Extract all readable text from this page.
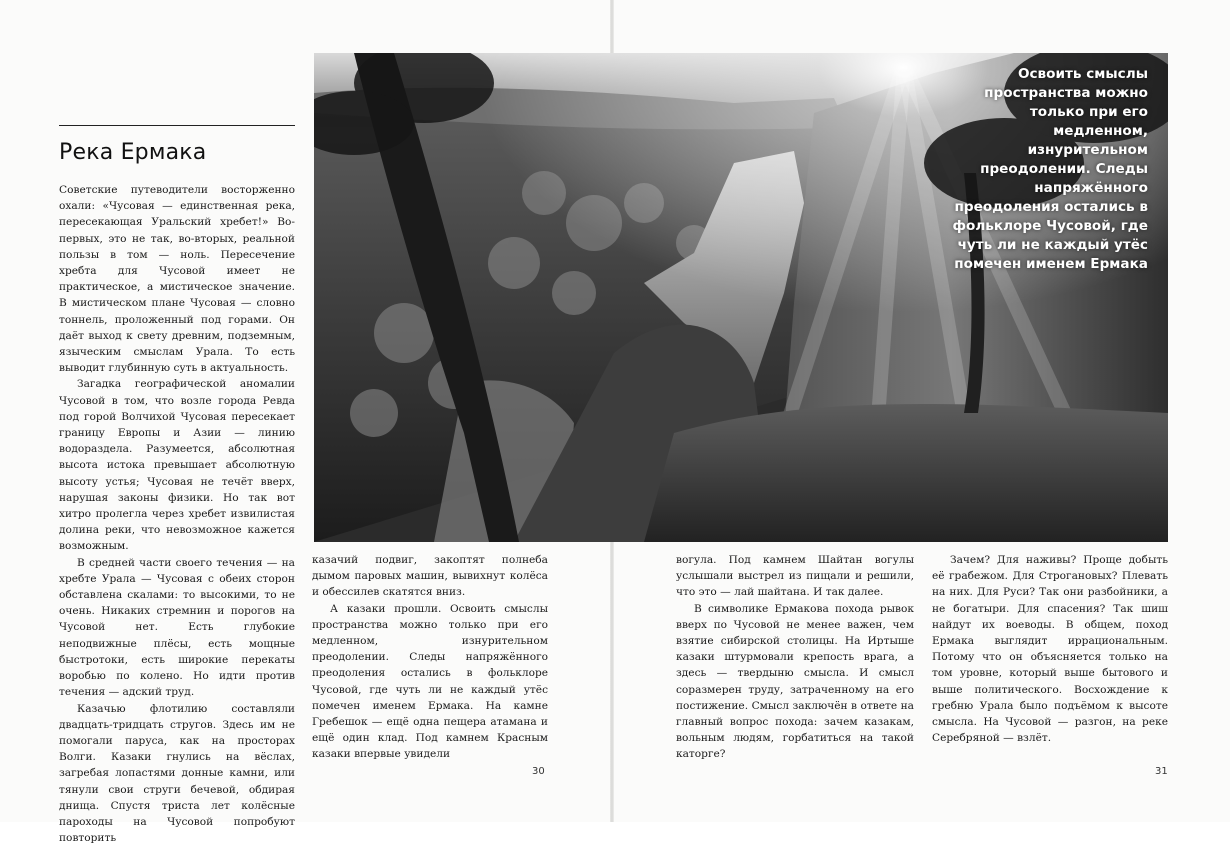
Река Ермака

Советские путеводители восторженно охали: «Чусовая — единственная река, пересекающая Уральский хребет!» Во-первых, это не так, во-вторых, реальной пользы в том — ноль. Пересечение хребта для Чусовой имеет не практическое, а мистическое значение. В мистическом плане Чусовая — словно тоннель, проложенный под горами. Он даёт выход к свету древним, подземным, языческим смыслам Урала. То есть выводит глубинную суть в актуальность.

Загадка географической аномалии Чусовой в том, что возле города Ревда под горой Волчихой Чусовая пересекает границу Европы и Азии — линию водораздела. Разумеется, абсолютная высота истока превышает абсолютную высоту устья; Чусовая не течёт вверх, нарушая законы физики. Но так вот хитро пролегла через хребет извилистая долина реки, что невозможное кажется возможным.

В средней части своего течения — на хребте Урала — Чусовая с обеих сторон обставлена скалами: то высокими, то не очень. Никаких стремнин и порогов на Чусовой нет. Есть глубокие неподвижные плёсы, есть мощные быстротоки, есть широкие перекаты воробью по колено. Но идти против течения — адский труд.

Казачью флотилию составляли двадцать-тридцать стругов. Здесь им не помогали паруса, как на просторах Волги. Казаки гнулись на вёслах, загребая лопастями донные камни, или тянули свои струги бечевой, обдирая днища. Спустя триста лет колёсные пароходы на Чусовой попробуют повторить

казачий подвиг, закоптят полнеба дымом паровых машин, вывихнут колёса и обессилев скатятся вниз.

А казаки прошли. Освоить смыслы пространства можно только при его медленном, изнурительном преодолении. Следы напряжённого преодоления остались в фольклоре Чусовой, где чуть ли не каждый утёс помечен именем Ермака. На камне Гребешок — ещё одна пещера атамана и ещё один клад. Под камнем Красным казаки впервые увидели

вогула. Под камнем Шайтан вогулы услышали выстрел из пищали и решили, что это — лай шайтана. И так далее.

В символике Ермакова похода рывок вверх по Чусовой не менее важен, чем взятие сибирской столицы. На Иртыше казаки штурмовали крепость врага, а здесь — твердыню смысла. И смысл соразмерен труду, затраченному на его постижение. Смысл заключён в ответе на главный вопрос похода: зачем казакам, вольным людям, горбатиться на такой каторге?

Зачем? Для наживы? Проще добыть её грабежом. Для Строгановых? Плевать на них. Для Руси? Так они разбойники, а не богатыри. Для спасения? Так шиш найдут их воеводы. В общем, поход Ермака выглядит иррациональным. Потому что он объясняется только на том уровне, который выше бытового и выше политического. Восхождение к гребню Урала было подъёмом к высоте смысла. На Чусовой — разгон, на реке Серебряной — взлёт.

Освоить смыслы пространства можно только при его медленном, изнурительном преодолении. Следы напряжённого преодоления остались в фольклоре Чусовой, где чуть ли не каждый утёс помечен именем Ермака
30	31
